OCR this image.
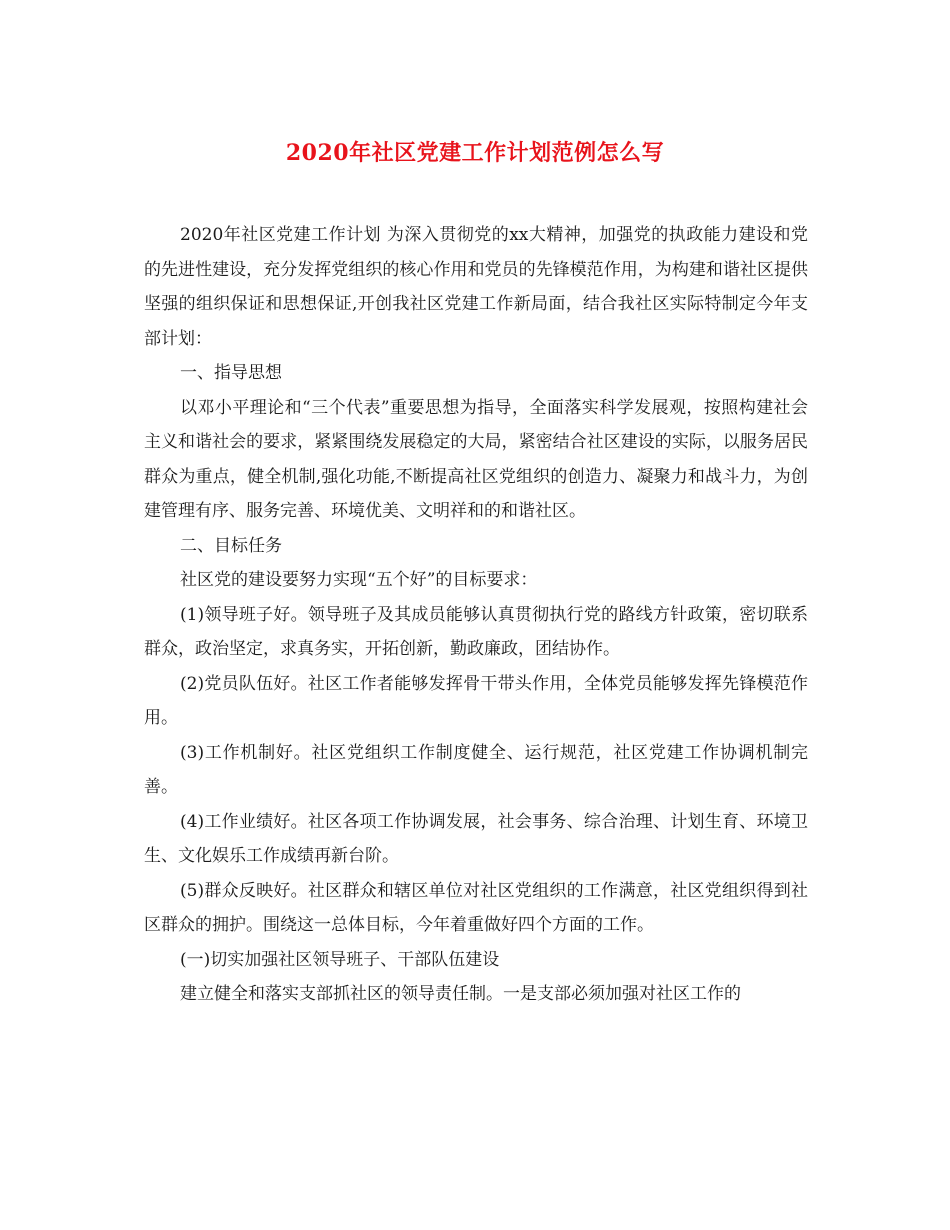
2020年社区党建工作计划范例怎么写

2020年社区党建工作计划 为深入贯彻党的xx大精神，加强党的执政能力建设和党的先进性建设，充分发挥党组织的核心作用和党员的先锋模范作用，为构建和谐社区提供坚强的组织保证和思想保证,开创我社区党建工作新局面，结合我社区实际特制定今年支部计划：

一、指导思想

以邓小平理论和“三个代表”重要思想为指导，全面落实科学发展观，按照构建社会主义和谐社会的要求，紧紧围绕发展稳定的大局，紧密结合社区建设的实际，以服务居民群众为重点，健全机制,强化功能,不断提高社区党组织的创造力、凝聚力和战斗力，为创建管理有序、服务完善、环境优美、文明祥和的和谐社区。

二、目标任务

社区党的建设要努力实现“五个好”的目标要求：

(1)领导班子好。领导班子及其成员能够认真贯彻执行党的路线方针政策，密切联系群众，政治坚定，求真务实，开拓创新，勤政廉政，团结协作。

(2)党员队伍好。社区工作者能够发挥骨干带头作用，全体党员能够发挥先锋模范作用。

(3)工作机制好。社区党组织工作制度健全、运行规范，社区党建工作协调机制完善。

(4)工作业绩好。社区各项工作协调发展，社会事务、综合治理、计划生育、环境卫生、文化娱乐工作成绩再新台阶。

(5)群众反映好。社区群众和辖区单位对社区党组织的工作满意，社区党组织得到社区群众的拥护。围绕这一总体目标，今年着重做好四个方面的工作。

(一)切实加强社区领导班子、干部队伍建设

建立健全和落实支部抓社区的领导责任制。一是支部必须加强对社区工作的
